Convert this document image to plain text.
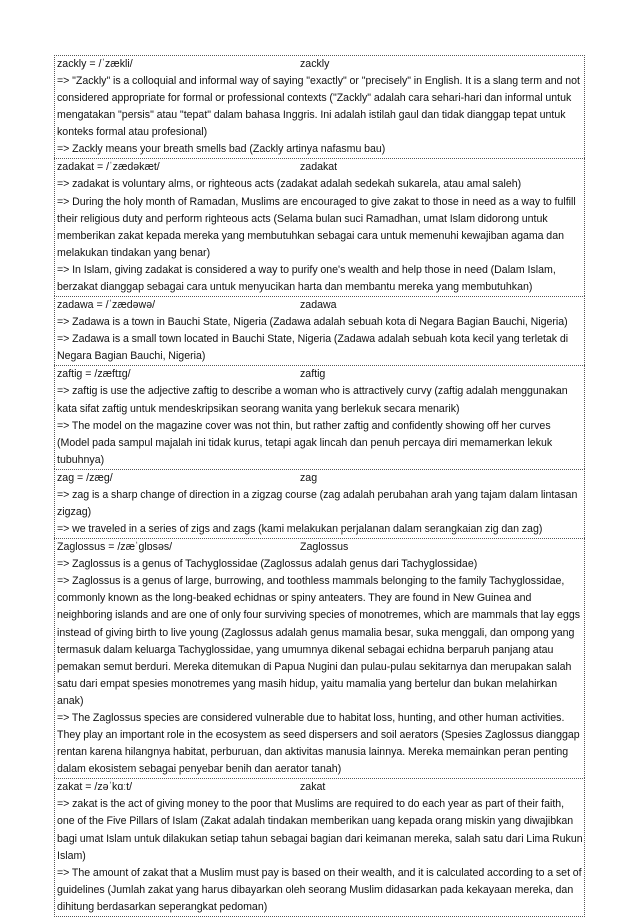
zackly = /ˈzækli/	zackly
=> "Zackly" is a colloquial and informal way of saying "exactly" or "precisely" in English. It is a slang term and not considered appropriate for formal or professional contexts ("Zackly" adalah cara sehari-hari dan informal untuk mengatakan "persis" atau "tepat" dalam bahasa Inggris. Ini adalah istilah gaul dan tidak dianggap tepat untuk konteks formal atau profesional)
=> Zackly means your breath smells bad (Zackly artinya nafasmu bau)
zadakat = /ˈzædəkæt/	zadakat
=> zadakat is voluntary alms, or righteous acts (zadakat adalah sedekah sukarela, atau amal saleh)
=> During the holy month of Ramadan, Muslims are encouraged to give zakat to those in need as a way to fulfill their religious duty and perform righteous acts (Selama bulan suci Ramadhan, umat Islam didorong untuk memberikan zakat kepada mereka yang membutuhkan sebagai cara untuk memenuhi kewajiban agama dan melakukan tindakan yang benar)
=> In Islam, giving zadakat is considered a way to purify one's wealth and help those in need (Dalam Islam, berzakat dianggap sebagai cara untuk menyucikan harta dan membantu mereka yang membutuhkan)
zadawa = /ˈzædəwə/	zadawa
=> Zadawa is a town in Bauchi State, Nigeria (Zadawa adalah sebuah kota di Negara Bagian Bauchi, Nigeria)
=> Zadawa is a small town located in Bauchi State, Nigeria (Zadawa adalah sebuah kota kecil yang terletak di Negara Bagian Bauchi, Nigeria)
zaftig = /zæftɪg/	zaftig
=> zaftig is use the adjective zaftig to describe a woman who is attractively curvy (zaftig adalah menggunakan kata sifat zaftig untuk mendeskripsikan seorang wanita yang berlekuk secara menarik)
=> The model on the magazine cover was not thin, but rather zaftig and confidently showing off her curves (Model pada sampul majalah ini tidak kurus, tetapi agak lincah dan penuh percaya diri memamerkan lekuk tubuhnya)
zag = /zæg/	zag
=> zag is a sharp change of direction in a zigzag course (zag adalah perubahan arah yang tajam dalam lintasan zigzag)
=> we traveled in a series of zigs and zags (kami melakukan perjalanan dalam serangkaian zig dan zag)
Zaglossus = /zæˈglɒsəs/	Zaglossus
=> Zaglossus is a genus of Tachyglossidae (Zaglossus adalah genus dari Tachyglossidae)
=> Zaglossus is a genus of large, burrowing, and toothless mammals belonging to the family Tachyglossidae, commonly known as the long-beaked echidnas or spiny anteaters. They are found in New Guinea and neighboring islands and are one of only four surviving species of monotremes, which are mammals that lay eggs instead of giving birth to live young (Zaglossus adalah genus mamalia besar, suka menggali, dan ompong yang termasuk dalam keluarga Tachyglossidae, yang umumnya dikenal sebagai echidna berparuh panjang atau pemakan semut berduri. Mereka ditemukan di Papua Nugini dan pulau-pulau sekitarnya dan merupakan salah satu dari empat spesies monotremes yang masih hidup, yaitu mamalia yang bertelur dan bukan melahirkan anak)
=> The Zaglossus species are considered vulnerable due to habitat loss, hunting, and other human activities. They play an important role in the ecosystem as seed dispersers and soil aerators (Spesies Zaglossus dianggap rentan karena hilangnya habitat, perburuan, dan aktivitas manusia lainnya. Mereka memainkan peran penting dalam ekosistem sebagai penyebar benih dan aerator tanah)
zakat = /zəˈkɑːt/	zakat
=> zakat is the act of giving money to the poor that Muslims are required to do each year as part of their faith, one of the Five Pillars of Islam (Zakat adalah tindakan memberikan uang kepada orang miskin yang diwajibkan bagi umat Islam untuk dilakukan setiap tahun sebagai bagian dari keimanan mereka, salah satu dari Lima Rukun Islam)
=> The amount of zakat that a Muslim must pay is based on their wealth, and it is calculated according to a set of guidelines (Jumlah zakat yang harus dibayarkan oleh seorang Muslim didasarkan pada kekayaan mereka, dan dihitung berdasarkan seperangkat pedoman)
